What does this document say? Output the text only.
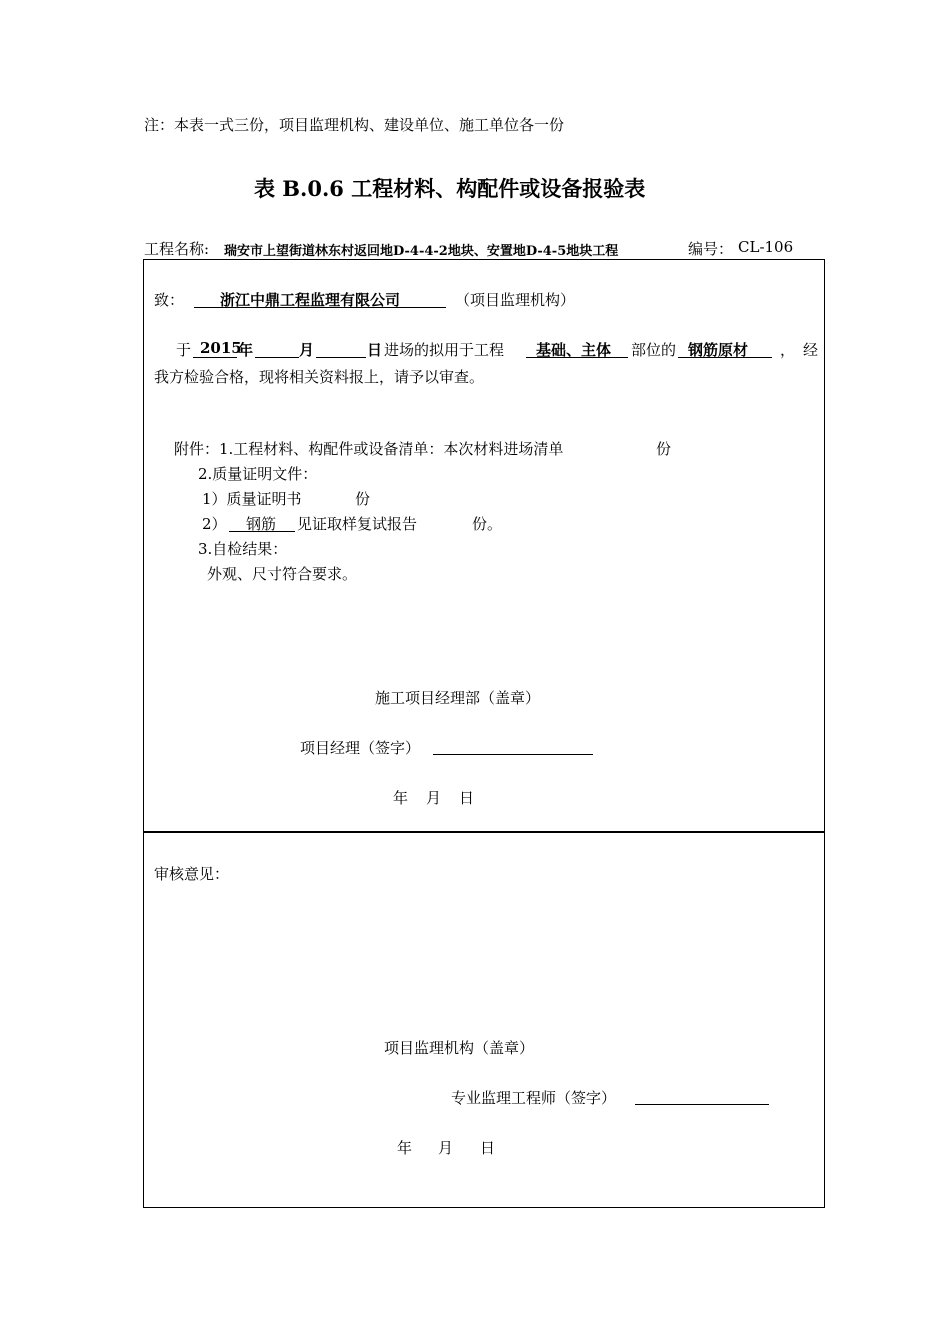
注：本表一式三份，项目监理机构、建设单位、施工单位各一份
表 B.0.6 工程材料、构配件或设备报验表
工程名称: 瑞安市上望街道林东村返回地D-4-4-2地块、安置地D-4-5地块工程	编号： CL-106
致： 浙江中鼎工程监理有限公司	（项目监理机构）
于 2015
年	月	日 进场的拟用于工程 基础、主体 部位的 钢筋原材 ，经
我方检验合格，现将相关资料报上，请予以审查。
附件：1.工程材料、构配件或设备清单：本次材料进场清单	份
2.质量证明文件：
1）质量证明书	份
2） 钢筋 见证取样复试报告	份。
3.自检结果：
外观、尺寸符合要求。
施工项目经理部（盖章）
项目经理（签字）
年 月 日
审核意见：
项目监理机构（盖章）
专业监理工程师（签字）
年 月 日
